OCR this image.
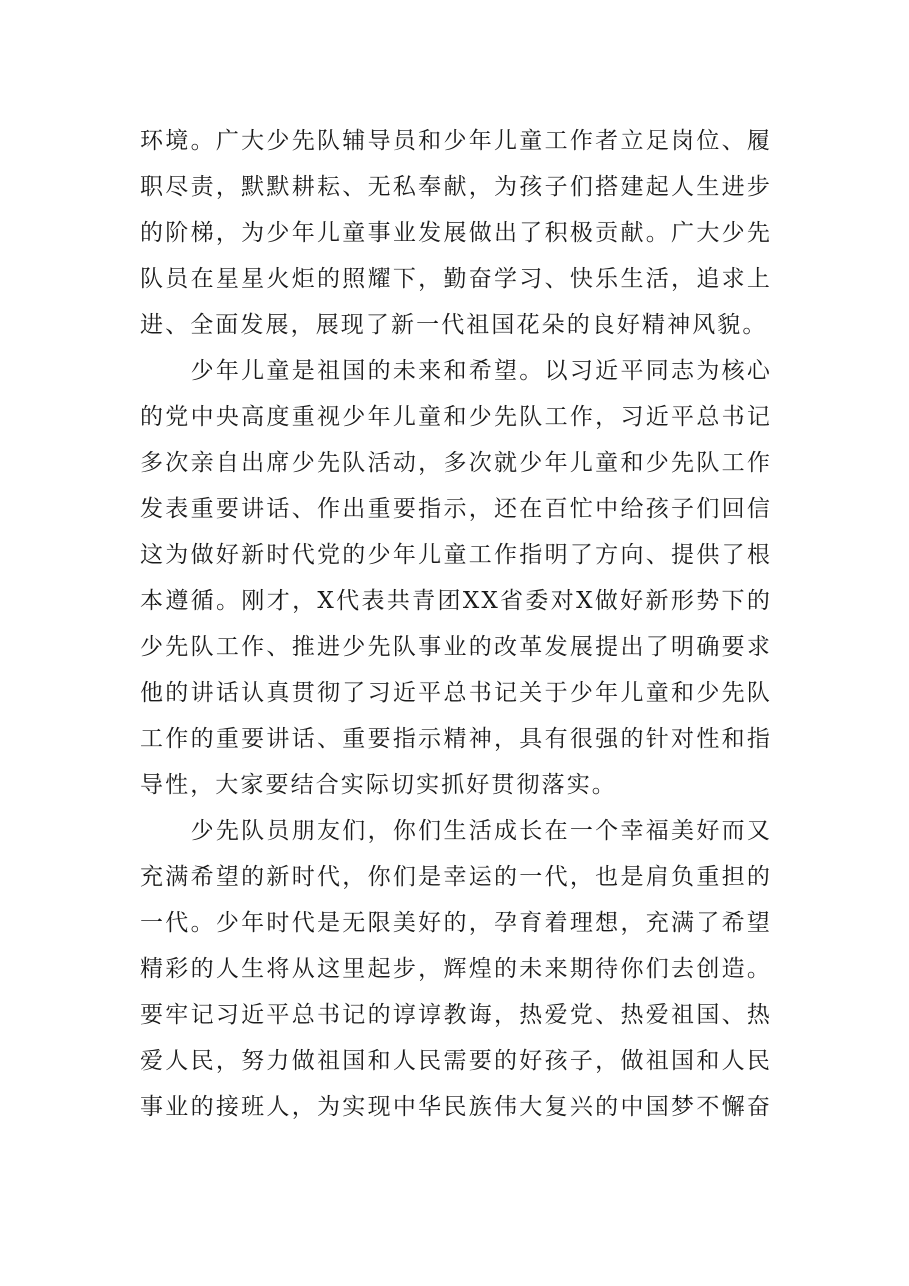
环境。广大少先队辅导员和少年儿童工作者立足岗位、履
职尽责，默默耕耘、无私奉献，为孩子们搭建起人生进步
的阶梯，为少年儿童事业发展做出了积极贡献。广大少先
队员在星星火炬的照耀下，勤奋学习、快乐生活，追求上
进、全面发展，展现了新一代祖国花朵的良好精神风貌。
　　少年儿童是祖国的未来和希望。以习近平同志为核心
的党中央高度重视少年儿童和少先队工作，习近平总书记
多次亲自出席少先队活动，多次就少年儿童和少先队工作
发表重要讲话、作出重要指示，还在百忙中给孩子们回信
这为做好新时代党的少年儿童工作指明了方向、提供了根
本遵循。刚才，X代表共青团XX省委对X做好新形势下的
少先队工作、推进少先队事业的改革发展提出了明确要求
他的讲话认真贯彻了习近平总书记关于少年儿童和少先队
工作的重要讲话、重要指示精神，具有很强的针对性和指
导性，大家要结合实际切实抓好贯彻落实。
　　少先队员朋友们，你们生活成长在一个幸福美好而又
充满希望的新时代，你们是幸运的一代，也是肩负重担的
一代。少年时代是无限美好的，孕育着理想，充满了希望
精彩的人生将从这里起步，辉煌的未来期待你们去创造。
要牢记习近平总书记的谆谆教诲，热爱党、热爱祖国、热
爱人民，努力做祖国和人民需要的好孩子，做祖国和人民
事业的接班人，为实现中华民族伟大复兴的中国梦不懈奋
